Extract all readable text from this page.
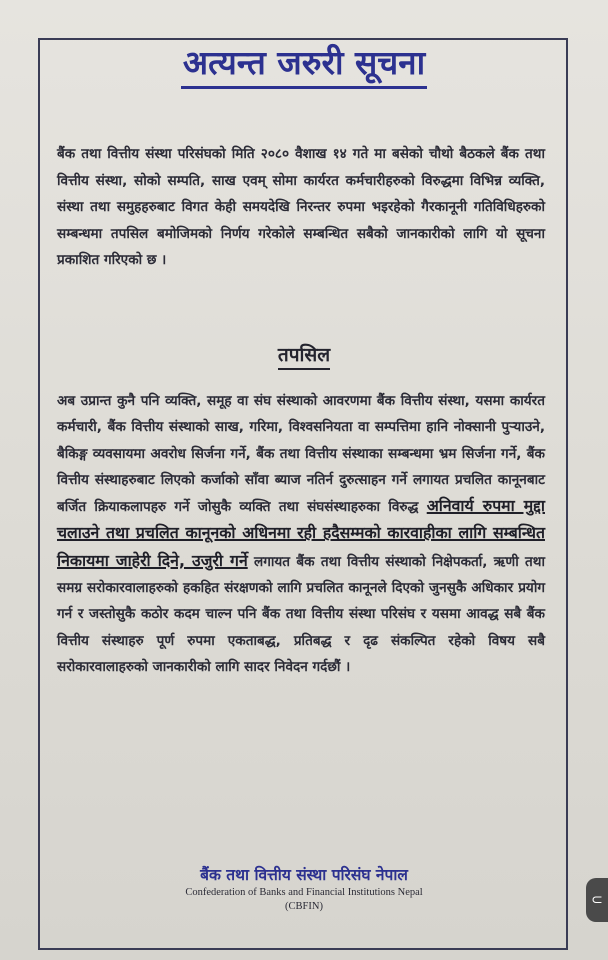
अत्यन्त जरुरी सूचना
बैंक तथा वित्तीय संस्था परिसंघको मिति २०८० वैशाख १४ गते मा बसेको चौथो बैठकले बैंक तथा वित्तीय संस्था, सोको सम्पति, साख एवम् सोमा कार्यरत कर्मचारीहरुको विरुद्धमा विभिन्न व्यक्ति, संस्था तथा समुहहरुबाट विगत केही समयदेखि निरन्तर रुपमा भइरहेको गैरकानूनी गतिविधिहरुको सम्बन्धमा तपसिल बमोजिमको निर्णय गरेकोले सम्बन्धित सबैको जानकारीको लागि यो सूचना प्रकाशित गरिएको छ ।
तपसिल
अब उप्रान्त कुनै पनि व्यक्ति, समूह वा संघ संस्थाको आवरणमा बैंक वित्तीय संस्था, यसमा कार्यरत कर्मचारी, बैंक वित्तीय संस्थाको साख, गरिमा, विश्वसनियता वा सम्पत्तिमा हानि नोक्सानी पुऱ्याउने, बैकिङ्ग व्यवसायमा अवरोध सिर्जना गर्ने, बैंक तथा वित्तीय संस्थाका सम्बन्धमा भ्रम सिर्जना गर्ने, बैंक वित्तीय संस्थाहरुबाट लिएको कर्जाको साँवा ब्याज नतिर्न दुरुत्साहन गर्ने लगायत प्रचलित कानूनबाट बर्जित क्रियाकलापहरु गर्ने जोसुकै व्यक्ति तथा संघसंस्थाहरुका विरुद्ध अनिवार्य रुपमा मुद्दा चलाउने तथा प्रचलित कानूनको अधिनमा रही हदैसम्मको कारवाहीका लागि सम्बन्धित निकायमा जाहेरी दिने, उजुरी गर्ने लगायत बैंक तथा वित्तीय संस्थाको निक्षेपकर्ता, ऋणी तथा समग्र सरोकारवालाहरुको हकहित संरक्षणको लागि प्रचलित कानूनले दिएको जुनसुकै अधिकार प्रयोग गर्न र जस्तोसुकै कठोर कदम चाल्न पनि बैंक तथा वित्तीय संस्था परिसंघ र यसमा आवद्ध सबै बैंक वित्तीय संस्थाहरु पूर्ण रुपमा एकताबद्ध, प्रतिबद्ध र दृढ संकल्पित रहेको विषय सबै सरोकारवालाहरुको जानकारीको लागि सादर निवेदन गर्दछौं ।
बैंक तथा वित्तीय संस्था परिसंघ नेपाल
Confederation of Banks and Financial Institutions Nepal
(CBFIN)	⊂
